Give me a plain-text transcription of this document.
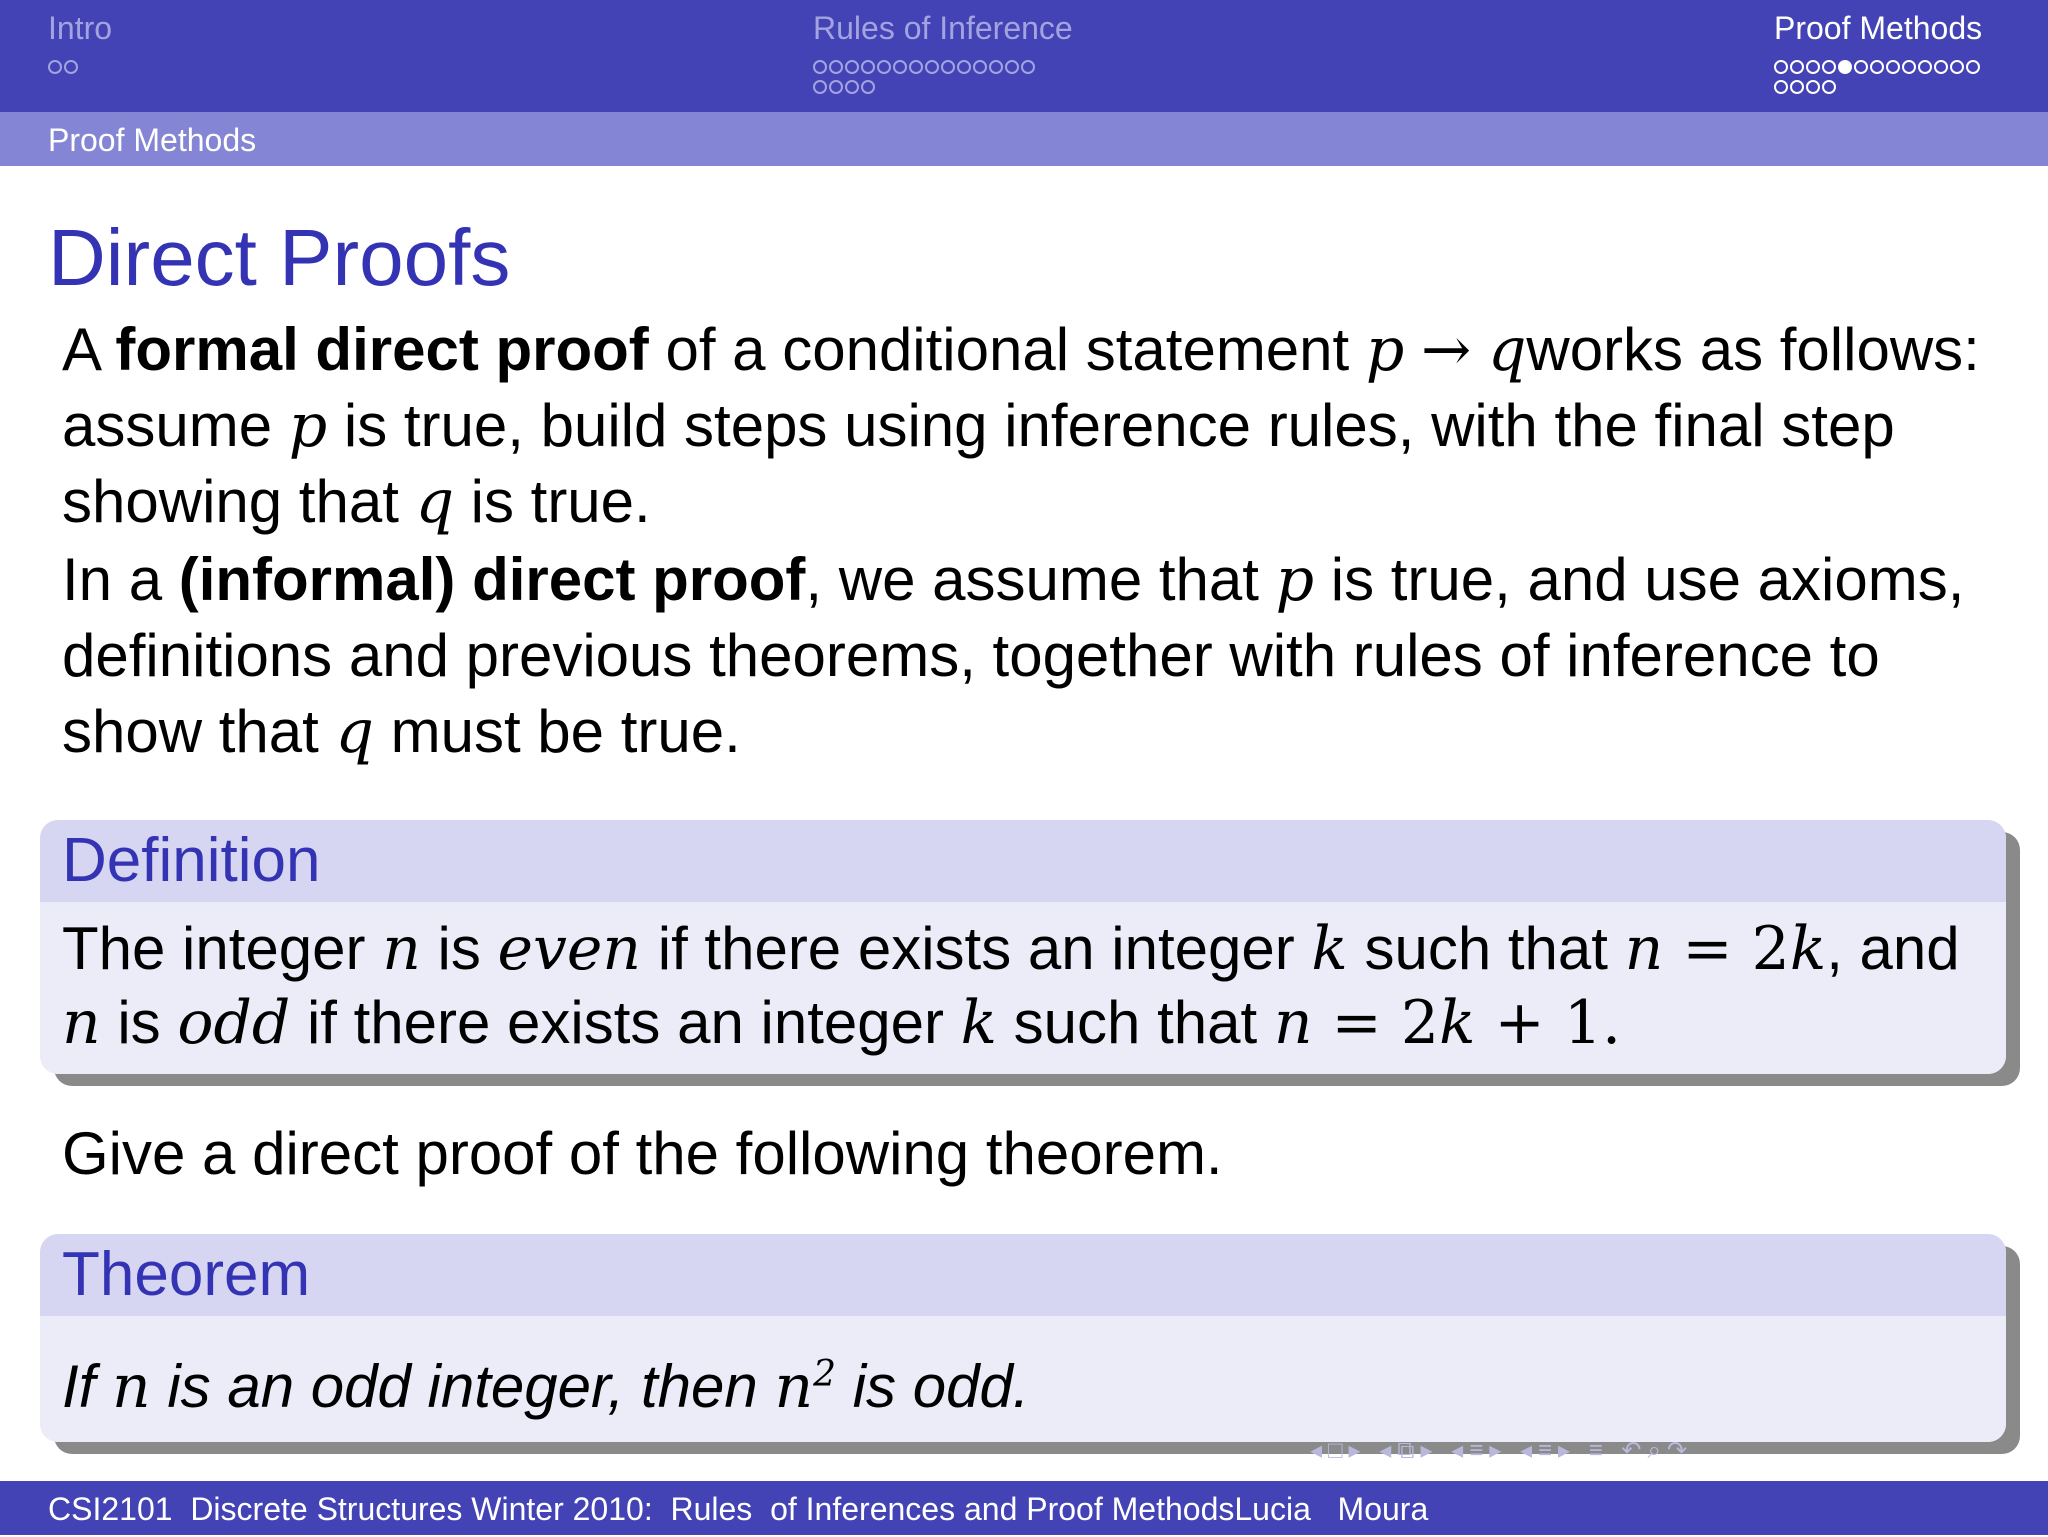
Intro	Rules of Inference	Proof Methods
Proof Methods
Direct Proofs
A formal direct proof of a conditional statement p → qworks as follows: assume p is true, build steps using inference rules, with the final step showing that q is true.
In a (informal) direct proof, we assume that p is true, and use axioms, definitions and previous theorems, together with rules of inference to show that q must be true.
Definition
The integer n is even if there exists an integer k such that n = 2k, and n is odd if there exists an integer k such that n = 2k + 1.
Give a direct proof of the following theorem.
Theorem
If n is an odd integer, then $n^2$ is odd.
◂□▸ ◂⧉▸ ◂≡▸ ◂≡▸ ≡ ↶⌕↷
CSI2101  Discrete Structures Winter 2010:  Rules  of Inferences and Proof MethodsLucia   Moura
